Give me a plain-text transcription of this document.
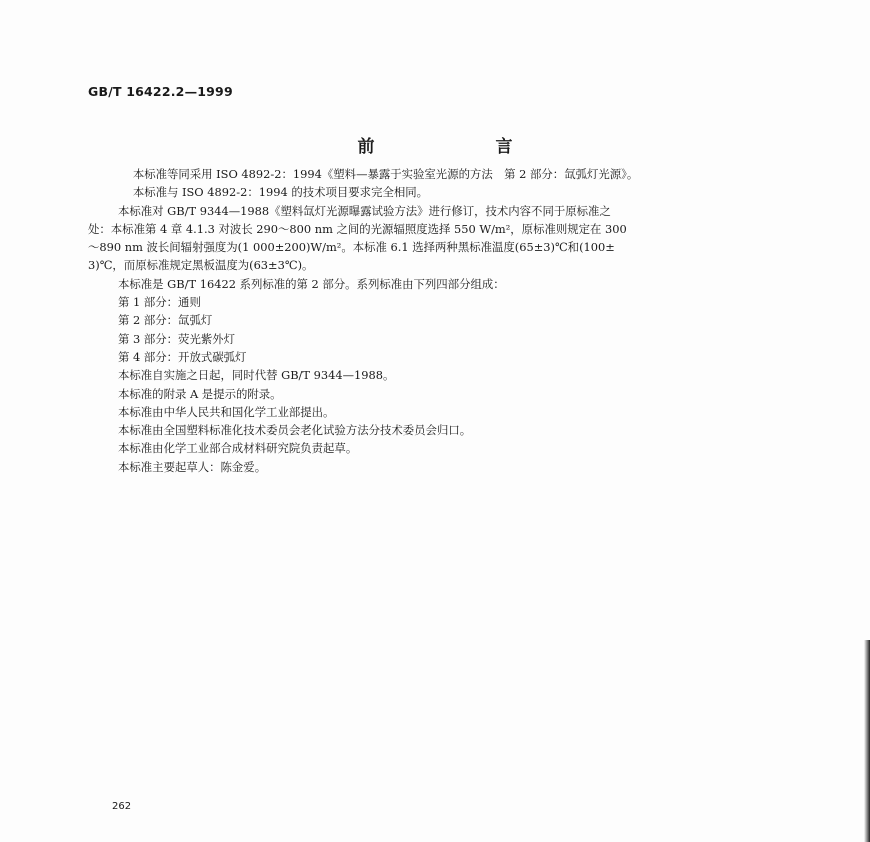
GB/T 16422.2—1999
前　言

本标准等同采用 ISO 4892-2：1994《塑料—暴露于实验室光源的方法　第 2 部分：氙弧灯光源》。

本标准与 ISO 4892-2：1994 的技术项目要求完全相同。

本标准对 GB/T 9344—1988《塑料氙灯光源曝露试验方法》进行修订，技术内容不同于原标准之
处：本标准第 4 章 4.1.3 对波长 290～800 nm 之间的光源辐照度选择 550 W/m²，原标准则规定在 300
～890 nm 波长间辐射强度为(1 000±200)W/m²。本标准 6.1 选择两种黑标准温度(65±3)℃和(100±
3)℃，而原标准规定黑板温度为(63±3℃)。
本标准是 GB/T 16422 系列标准的第 2 部分。系列标准由下列四部分组成：
第 1 部分：通则
第 2 部分：氙弧灯
第 3 部分：荧光紫外灯
第 4 部分：开放式碳弧灯
本标准自实施之日起，同时代替 GB/T 9344—1988。
本标准的附录 A 是提示的附录。
本标准由中华人民共和国化学工业部提出。
本标准由全国塑料标准化技术委员会老化试验方法分技术委员会归口。
本标准由化学工业部合成材料研究院负责起草。
本标准主要起草人：陈金爱。
262
